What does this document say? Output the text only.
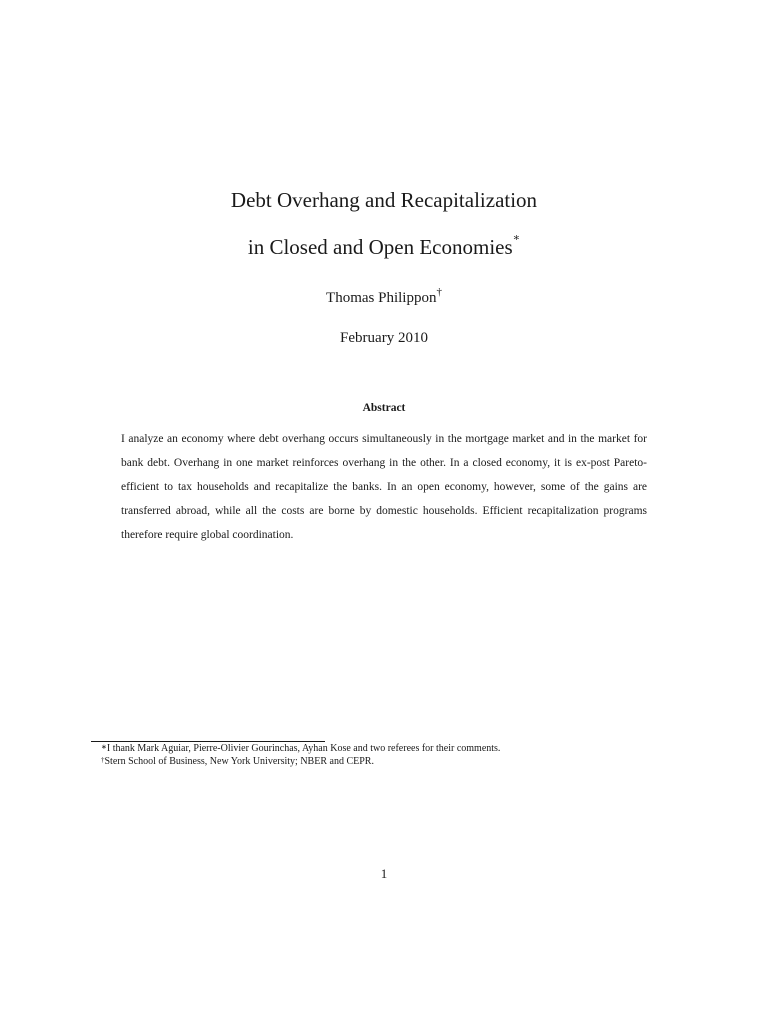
Debt Overhang and Recapitalization
in Closed and Open Economies∗
Thomas Philippon†
February 2010
Abstract

I analyze an economy where debt overhang occurs simultaneously in the mortgage market and in the market for bank debt. Overhang in one market reinforces overhang in the other. In a closed economy, it is ex-post Pareto-efficient to tax households and recapitalize the banks. In an open economy, however, some of the gains are transferred abroad, while all the costs are borne by domestic households. Efficient recapitalization programs therefore require global coordination.

∗I thank Mark Aguiar, Pierre-Olivier Gourinchas, Ayhan Kose and two referees for their comments.
†Stern School of Business, New York University; NBER and CEPR.
1
